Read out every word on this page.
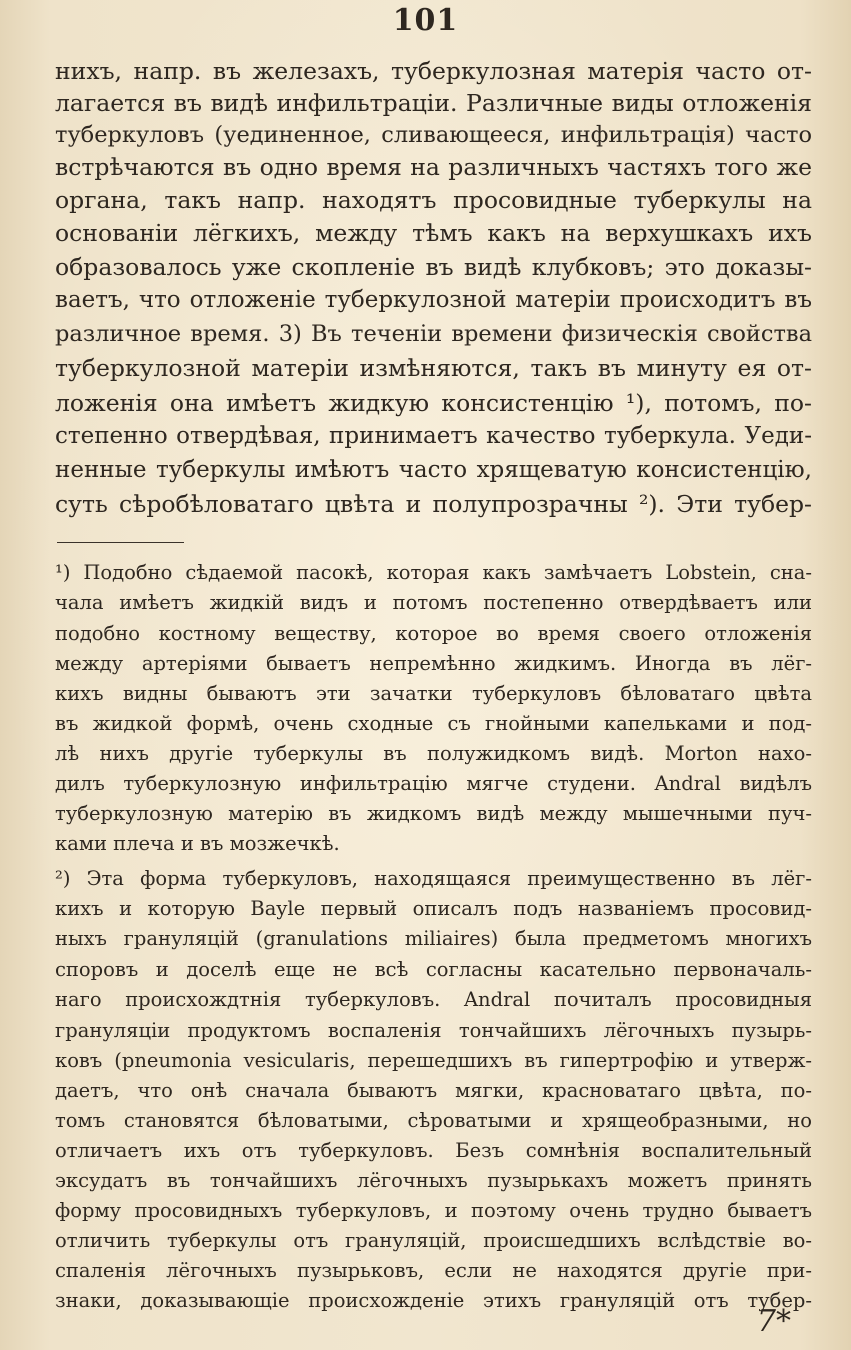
101
нихъ, напр. въ железахъ, туберкулозная матерія часто от-
лагается въ видѣ инфильтраціи. Различные виды отложенія
туберкуловъ (уединенное, сливающееся, инфильтрація) часто
встрѣчаются въ одно время на различныхъ частяхъ того же
органа, такъ напр. находятъ просовидные туберкулы на
основаніи лёгкихъ, между тѣмъ какъ на верхушкахъ ихъ
образовалось уже скопленіе въ видѣ клубковъ; это доказы-
ваетъ, что отложеніе туберкулозной матеріи происходитъ въ
различное время. 3) Въ теченіи времени физическія свойства
туберкулозной матеріи измѣняются, такъ въ минуту ея от-
ложенія она имѣетъ жидкую консистенцію ¹), потомъ, по-
степенно отвердѣвая, принимаетъ качество туберкула. Уеди-
ненные туберкулы имѣютъ часто хрящеватую консистенцію,
суть сѣробѣловатаго цвѣта и полупрозрачны ²). Эти тубер-
¹) Подобно сѣдаемой пасокѣ, которая какъ замѣчаетъ Lobstein, сна-
чала имѣетъ жидкій видъ и потомъ постепенно отвердѣваетъ или
подобно костному веществу, которое во время своего отложенія
между артеріями бываетъ непремѣнно жидкимъ. Иногда въ лёг-
кихъ видны бываютъ эти зачатки туберкуловъ бѣловатаго цвѣта
въ жидкой формѣ, очень сходные съ гнойными капельками и под-
лѣ нихъ другіе туберкулы въ полужидкомъ видѣ. Morton нахо-
дилъ туберкулозную инфильтрацію мягче студени. Andral видѣлъ
туберкулозную матерію въ жидкомъ видѣ между мышечными пуч-
ками плеча и въ мозжечкѣ.
²) Эта форма туберкуловъ, находящаяся преимущественно въ лёг-
кихъ и которую Bayle первый описалъ подъ названіемъ просовид-
ныхъ грануляцій (granulations miliaires) была предметомъ многихъ
споровъ и доселѣ еще не всѣ согласны касательно первоначаль-
наго происхождтнія туберкуловъ. Andral почиталъ просовидныя
грануляціи продуктомъ воспаленія тончайшихъ лёгочныхъ пузырь-
ковъ (pneumonia vesicularis, перешедшихъ въ гипертрофію и утверж-
даетъ, что онѣ сначала бываютъ мягки, красноватаго цвѣта, по-
томъ становятся бѣловатыми, сѣроватыми и хрящеобразными, но
отличаетъ ихъ отъ туберкуловъ. Безъ сомнѣнія воспалительный
эксудатъ въ тончайшихъ лёгочныхъ пузырькахъ можетъ принять
форму просовидныхъ туберкуловъ, и поэтому очень трудно бываетъ
отличить туберкулы отъ грануляцій, происшедшихъ вслѣдствіе во-
спаленія лёгочныхъ пузырьковъ, если не находятся другіе при-
знаки, доказывающіе происхожденіе этихъ грануляцій отъ тубер-
7*
